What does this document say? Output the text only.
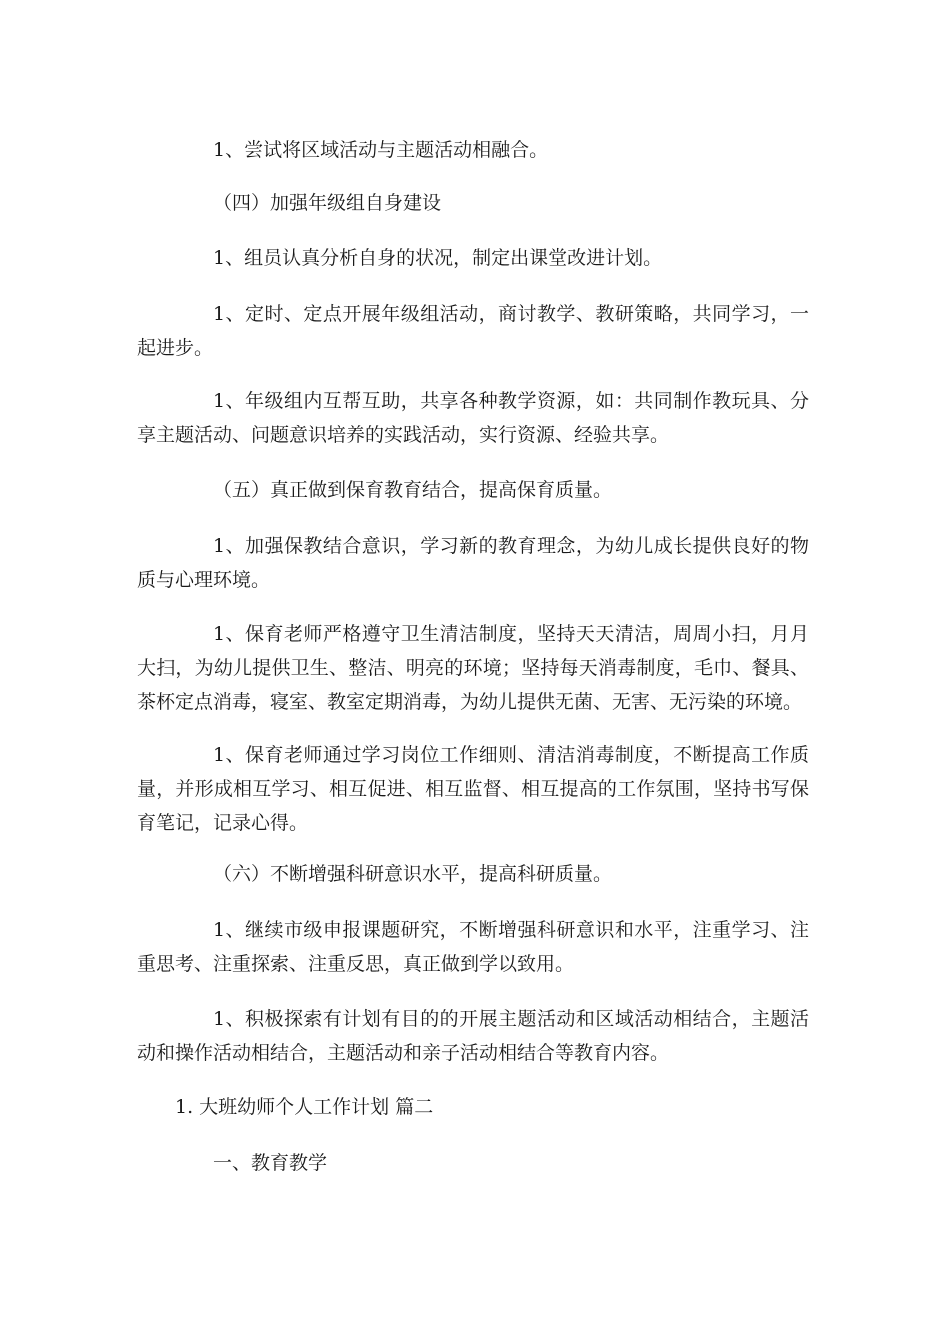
1、尝试将区域活动与主题活动相融合。

（四）加强年级组自身建设

1、组员认真分析自身的状况，制定出课堂改进计划。

1、定时、定点开展年级组活动，商讨教学、教研策略，共同学习，一起进步。

1、年级组内互帮互助，共享各种教学资源，如：共同制作教玩具、分享主题活动、问题意识培养的实践活动，实行资源、经验共享。

（五）真正做到保育教育结合，提高保育质量。

1、加强保教结合意识，学习新的教育理念，为幼儿成长提供良好的物质与心理环境。

1、保育老师严格遵守卫生清洁制度，坚持天天清洁，周周小扫，月月大扫，为幼儿提供卫生、整洁、明亮的环境；坚持每天消毒制度，毛巾、餐具、茶杯定点消毒，寝室、教室定期消毒，为幼儿提供无菌、无害、无污染的环境。

1、保育老师通过学习岗位工作细则、清洁消毒制度，不断提高工作质量，并形成相互学习、相互促进、相互监督、相互提高的工作氛围，坚持书写保育笔记，记录心得。

（六）不断增强科研意识水平，提高科研质量。

1、继续市级申报课题研究，不断增强科研意识和水平，注重学习、注重思考、注重探索、注重反思，真正做到学以致用。

1、积极探索有计划有目的的开展主题活动和区域活动相结合，主题活动和操作活动相结合，主题活动和亲子活动相结合等教育内容。

1. 大班幼师个人工作计划 篇二

一、教育教学
